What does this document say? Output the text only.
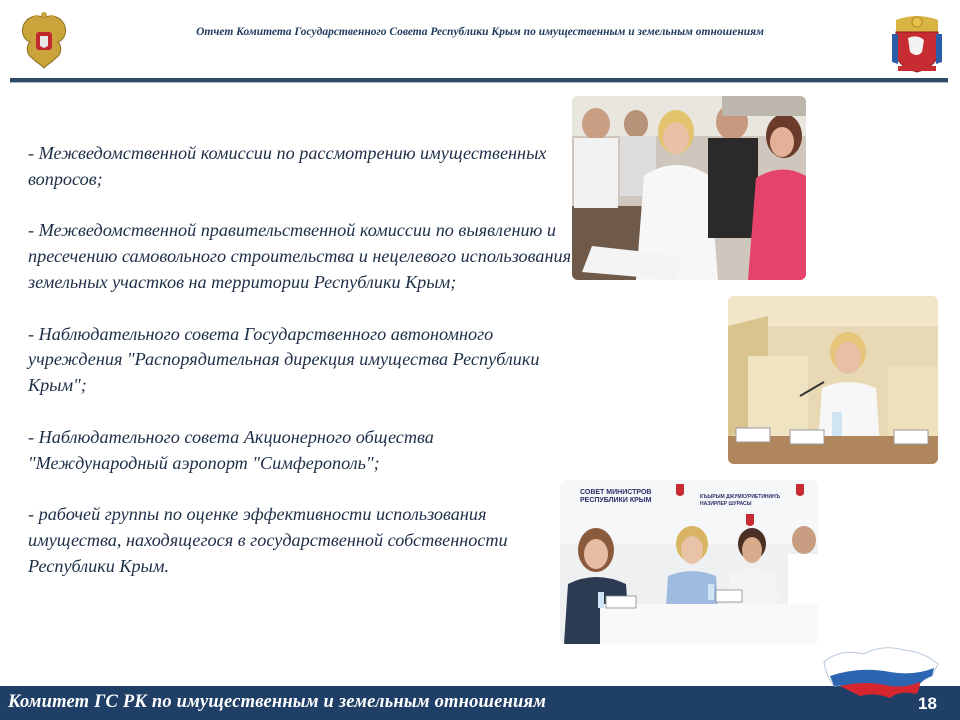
Отчет Комитета Государственного Совета Республики Крым по имущественным и земельным отношениям

- Межведомственной комиссии по рассмотрению имущественных вопросов;

- Межведомственной правительственной комиссии по выявлению и пресечению самовольного строительства и нецелевого использования земельных участков на территории Республики Крым;

- Наблюдательного совета Государственного автономного учреждения "Распорядительная дирекция имущества Республики Крым";

- Наблюдательного совета Акционерного общества "Международный аэропорт "Симферополь";

- рабочей группы по оценке эффективности использования имущества, находящегося в государственной собственности Республики Крым.

СОВЕТ МИНИСТРОВ
РЕСПУБЛИКИ КРЫМ	КЪЫРЫМ ДЖУМХУРИЕТИНИНЪ
НАЗИРЛЕР ШУРАСЫ
Комитет ГС РК по имущественным и земельным отношениям	18
